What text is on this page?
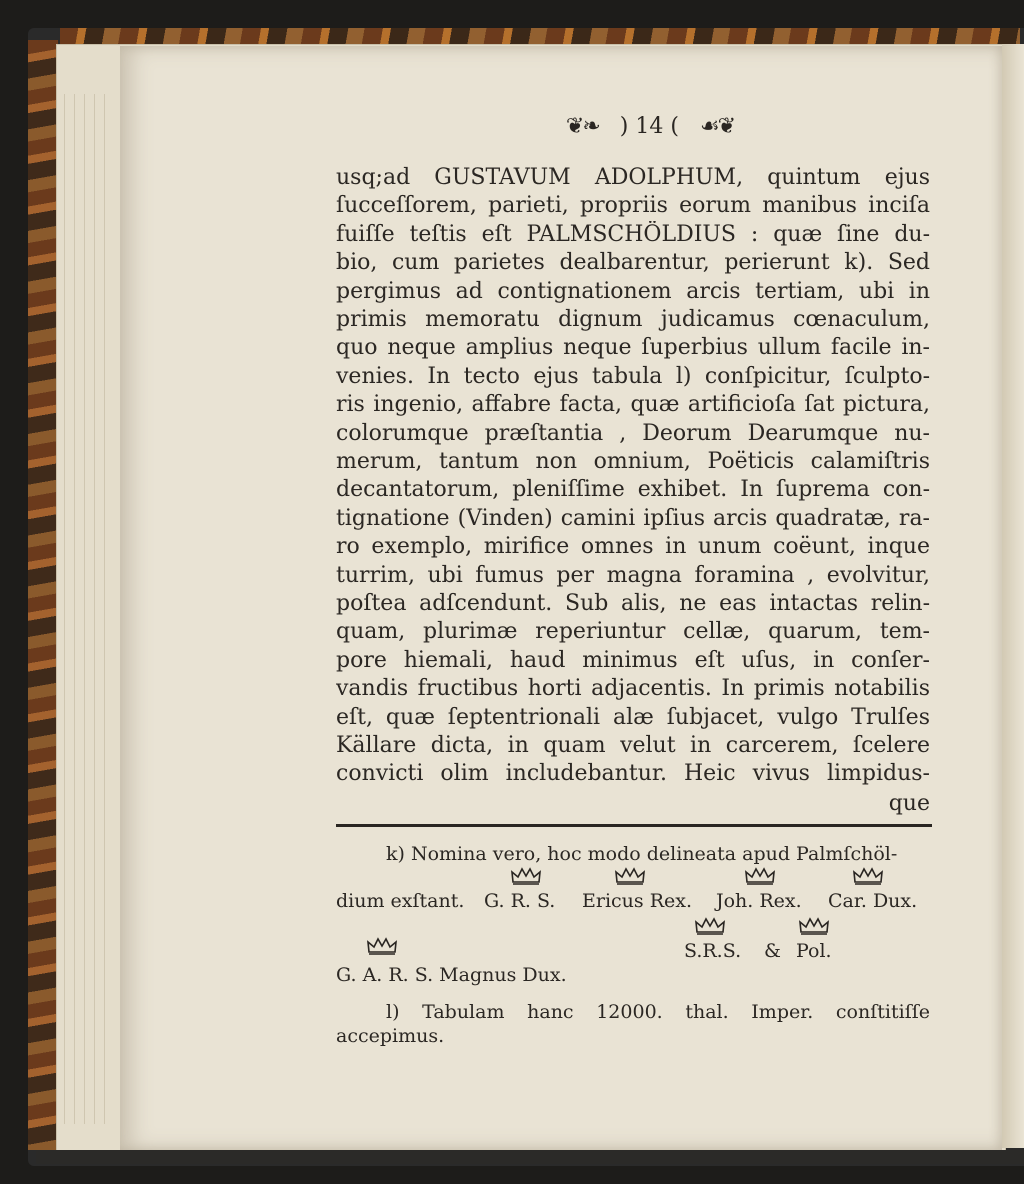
❦❧ ) 14 ( ☙❦
usq;ad GUSTAVUM ADOLPHUM, quintum ejus
ſucceſſorem, parieti, propriis eorum manibus inciſa
fuiſſe teſtis eſt PALMSCHÖLDIUS : quæ ſine du-
bio, cum parietes dealbarentur, perierunt k). Sed
pergimus ad contignationem arcis tertiam, ubi in
primis memoratu dignum judicamus cœnaculum,
quo neque amplius neque ſuperbius ullum facile in-
venies. In tecto ejus tabula l) conſpicitur, ſculpto-
ris ingenio, affabre facta, quæ artificioſa ſat pictura,
colorumque præſtantia , Deorum Dearumque nu-
merum, tantum non omnium, Poëticis calamiſtris
decantatorum, pleniſſime exhibet. In ſuprema con-
tignatione (Vinden) camini ipſius arcis quadratæ, ra-
ro exemplo, mirifice omnes in unum coëunt, inque
turrim, ubi fumus per magna foramina , evolvitur,
poſtea adſcendunt. Sub alis, ne eas intactas relin-
quam, plurimæ reperiuntur cellæ, quarum, tem-
pore hiemali, haud minimus eſt uſus, in conſer-
vandis fructibus horti adjacentis. In primis notabilis
eſt, quæ ſeptentrionali alæ ſubjacet, vulgo Trulſes
Källare dicta, in quam velut in carcerem, ſcelere
convicti olim includebantur. Heic vivus limpidus-
que
k) Nomina vero, hoc modo delineata apud Palmſchöl-
dium exſtant. G. R. S. Ericus Rex. Joh. Rex. Car. Dux.
S.R.S. & Pol.
G. A. R. S. Magnus Dux.
l) Tabulam hanc 12000. thal. Imper. conſtitiſſe
accepimus.
